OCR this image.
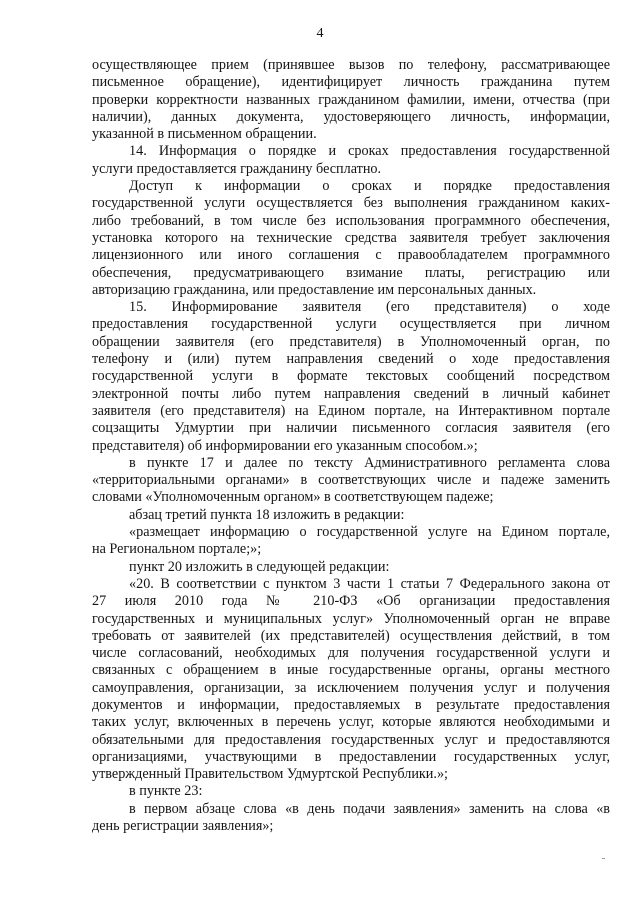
4
осуществляющее прием (принявшее вызов по телефону, рассматривающее
письменное обращение), идентифицирует личность гражданина путем
проверки корректности названных гражданином фамилии, имени, отчества (при
наличии), данных документа, удостоверяющего личность, информации,
указанной в письменном обращении.
14. Информация о порядке и сроках предоставления государственной
услуги предоставляется гражданину бесплатно.
Доступ к информации о сроках и порядке предоставления
государственной услуги осуществляется без выполнения гражданином каких-
либо требований, в том числе без использования программного обеспечения,
установка которого на технические средства заявителя требует заключения
лицензионного или иного соглашения с правообладателем программного
обеспечения, предусматривающего взимание платы, регистрацию или
авторизацию гражданина, или предоставление им персональных данных.
15. Информирование заявителя (его представителя) о ходе
предоставления государственной услуги осуществляется при личном
обращении заявителя (его представителя) в Уполномоченный орган, по
телефону и (или) путем направления сведений о ходе предоставления
государственной услуги в формате текстовых сообщений посредством
электронной почты либо путем направления сведений в личный кабинет
заявителя (его представителя) на Едином портале, на Интерактивном портале
соцзащиты Удмуртии при наличии письменного согласия заявителя (его
представителя) об информировании его указанным способом.»;
в пункте 17 и далее по тексту Административного регламента слова
«территориальными органами» в соответствующих числе и падеже заменить
словами «Уполномоченным органом» в соответствующем падеже;
абзац третий пункта 18 изложить в редакции:
«размещает информацию о государственной услуге на Едином портале,
на Региональном портале;»;
пункт 20 изложить в следующей редакции:
«20. В соответствии с пунктом 3 части 1 статьи 7 Федерального закона от
27 июля 2010 года № 210-ФЗ «Об организации предоставления
государственных и муниципальных услуг» Уполномоченный орган не вправе
требовать от заявителей (их представителей) осуществления действий, в том
числе согласований, необходимых для получения государственной услуги и
связанных с обращением в иные государственные органы, органы местного
самоуправления, организации, за исключением получения услуг и получения
документов и информации, предоставляемых в результате предоставления
таких услуг, включенных в перечень услуг, которые являются необходимыми и
обязательными для предоставления государственных услуг и предоставляются
организациями, участвующими в предоставлении государственных услуг,
утвержденный Правительством Удмуртской Республики.»;
в пункте 23:
в первом абзаце слова «в день подачи заявления» заменить на слова «в
день регистрации заявления»;
